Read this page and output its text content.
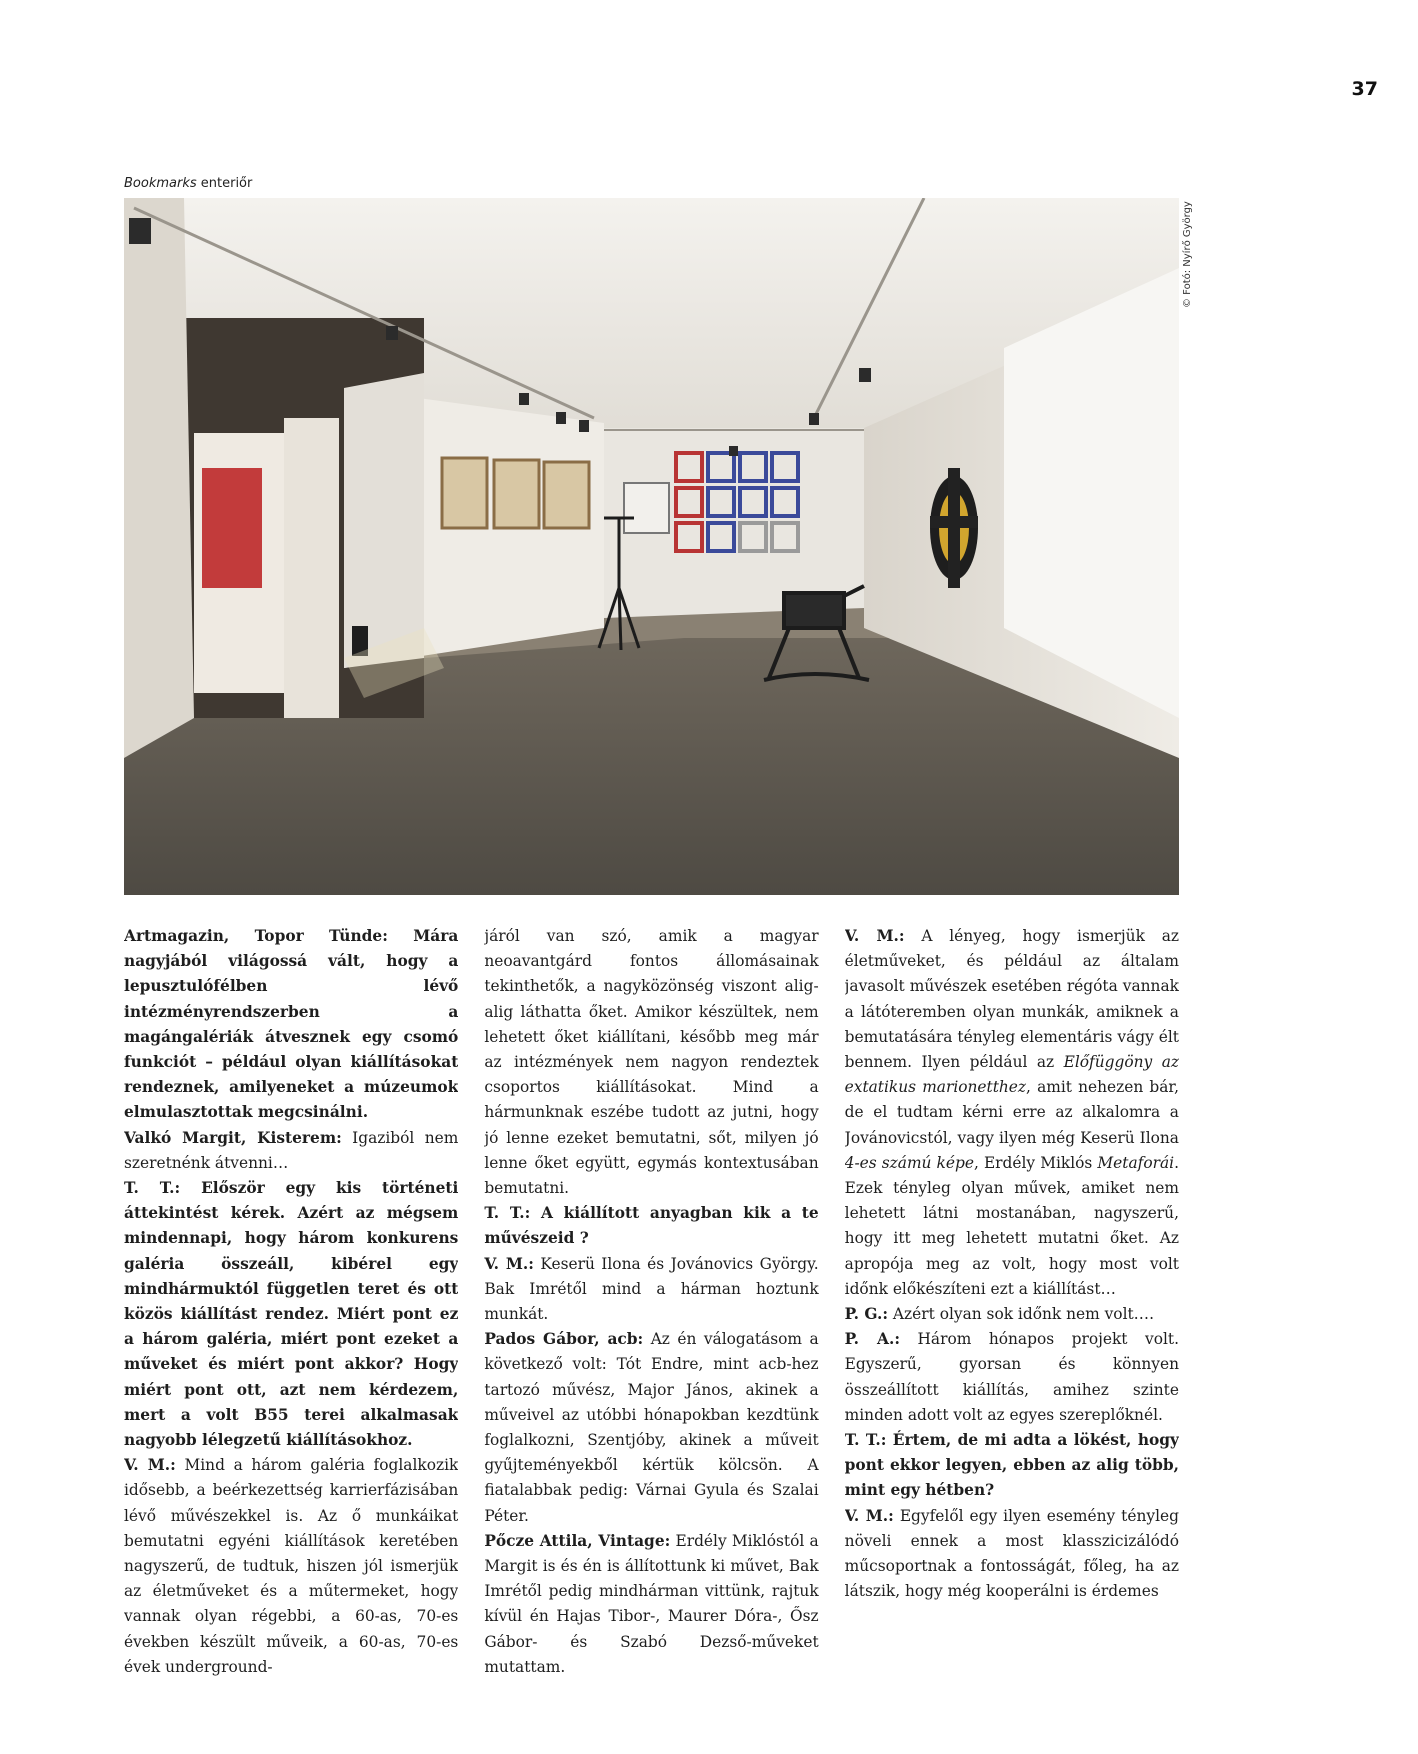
37
Bookmarks enteriőr
© Fotó: Nyírő György

Artmagazin, Topor Tünde: Mára nagyjából világossá vált, hogy a lepusztulófélben lévő intézményrendszerben a magángalériák átvesznek egy csomó funkciót – például olyan kiállításokat rendeznek, amilyeneket a múzeumok elmulasztottak megcsinálni.

Valkó Margit, Kisterem: Igaziból nem szeretnénk átvenni…

T. T.: Először egy kis történeti áttekintést kérek. Azért az mégsem mindennapi, hogy három konkurens galéria összeáll, kibérel egy mindhármuktól független teret és ott közös kiállítást rendez. Miért pont ez a három galéria, miért pont ezeket a műveket és miért pont akkor? Hogy miért pont ott, azt nem kérdezem, mert a volt B55 terei alkalmasak nagyobb lélegzetű kiállításokhoz.

V. M.: Mind a három galéria foglalkozik idősebb, a beérkezettség karrierfázisában lévő művészekkel is. Az ő munkáikat bemutatni egyéni kiállítások keretében nagyszerű, de tudtuk, hiszen jól ismerjük az életműveket és a műtermeket, hogy vannak olyan régebbi, a 60-as, 70-es években készült műveik, a 60-as, 70-es évek underground-

járól van szó, amik a magyar neoavantgárd fontos állomásainak tekinthetők, a nagyközönség viszont alig-alig láthatta őket. Amikor készültek, nem lehetett őket kiállítani, később meg már az intézmények nem nagyon rendeztek csoportos kiállításokat. Mind a hármunknak eszébe tudott az jutni, hogy jó lenne ezeket bemutatni, sőt, milyen jó lenne őket együtt, egymás kontextusában bemutatni.

T. T.: A kiállított anyagban kik a te művészeid ?

V. M.: Keserü Ilona és Jovánovics György. Bak Imrétől mind a hárman hoztunk munkát.

Pados Gábor, acb: Az én válogatásom a következő volt: Tót Endre, mint acb-hez tartozó művész, Major János, akinek a műveivel az utóbbi hónapokban kezdtünk foglalkozni, Szentjóby, akinek a műveit gyűjteményekből kértük kölcsön. A fiatalabbak pedig: Várnai Gyula és Szalai Péter.

Pőcze Attila, Vintage: Erdély Miklóstól a Margit is és én is állítottunk ki művet, Bak Imrétől pedig mindhárman vittünk, rajtuk kívül én Hajas Tibor-, Maurer Dóra-, Ősz Gábor- és Szabó Dezső-műveket mutattam.

V. M.: A lényeg, hogy ismerjük az életműveket, és például az általam javasolt művészek esetében régóta vannak a látóteremben olyan munkák, amiknek a bemutatására tényleg elementáris vágy élt bennem. Ilyen például az Előfüggöny az extatikus marionetthez, amit nehezen bár, de el tudtam kérni erre az alkalomra a Jovánovicstól, vagy ilyen még Keserü Ilona 4-es számú képe, Erdély Miklós Metaforái. Ezek tényleg olyan művek, amiket nem lehetett látni mostanában, nagyszerű, hogy itt meg lehetett mutatni őket. Az apropója meg az volt, hogy most volt időnk előkészíteni ezt a kiállítást…

P. G.: Azért olyan sok időnk nem volt….

P. A.: Három hónapos projekt volt. Egyszerű, gyorsan és könnyen összeállított kiállítás, amihez szinte minden adott volt az egyes szereplőknél.

T. T.: Értem, de mi adta a lökést, hogy pont ekkor legyen, ebben az alig több, mint egy hétben?

V. M.: Egyfelől egy ilyen esemény tényleg növeli ennek a most klasszicizálódó műcsoportnak a fontosságát, főleg, ha az látszik, hogy még kooperálni is érdemes
